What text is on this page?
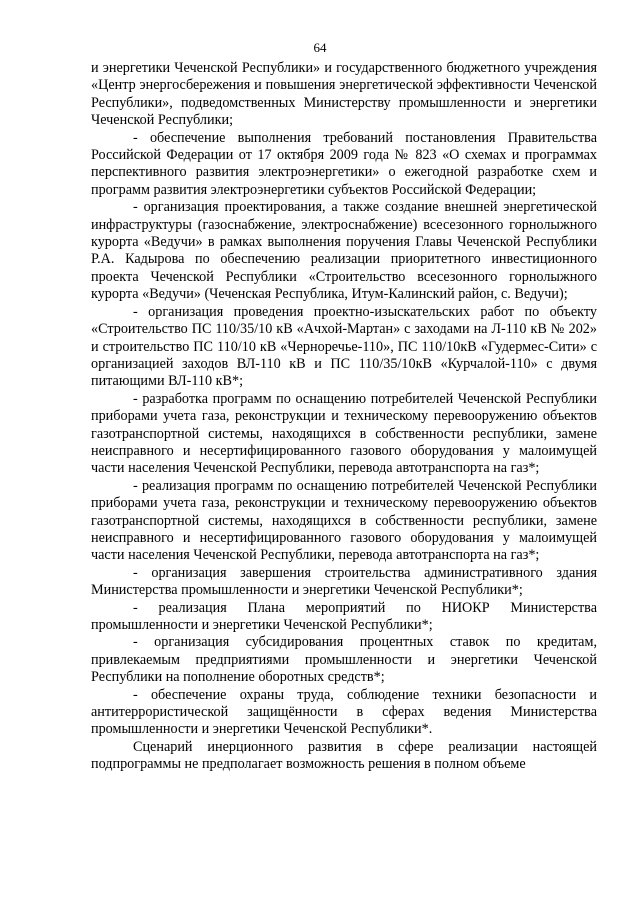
64

и энергетики Чеченской Республики» и государственного бюджетного учреждения «Центр энергосбережения и повышения энергетической эффективности Чеченской Республики», подведомственных Министерству промышленности и энергетики Чеченской Республики;

- обеспечение выполнения требований постановления Правительства Российской Федерации от 17 октября 2009 года № 823 «О схемах и программах перспективного развития электроэнергетики» о ежегодной разработке схем и программ развития электроэнергетики субъектов Российской Федерации;

- организация проектирования, а также создание внешней энергетической инфраструктуры (газоснабжение, электроснабжение) всесезонного горнолыжного курорта «Ведучи» в рамках выполнения поручения Главы Чеченской Республики Р.А. Кадырова по обеспечению реализации приоритетного инвестиционного проекта Чеченской Республики «Строительство всесезонного горнолыжного курорта «Ведучи» (Чеченская Республика, Итум-Калинский район, с. Ведучи);

- организация проведения проектно-изыскательских работ по объекту «Строительство ПС 110/35/10 кВ «Ачхой-Мартан» с заходами на Л-110 кВ № 202» и строительство ПС 110/10 кВ «Черноречье-110», ПС 110/10кВ «Гудермес-Сити» с организацией заходов ВЛ-110 кВ и ПС 110/35/10кВ «Курчалой-110» с двумя питающими ВЛ-110 кВ*;

- разработка программ по оснащению потребителей Чеченской Республики приборами учета газа, реконструкции и техническому перевооружению объектов газотранспортной системы, находящихся в собственности республики, замене неисправного и несертифицированного газового оборудования у малоимущей части населения Чеченской Республики, перевода автотранспорта на газ*;

- реализация программ по оснащению потребителей Чеченской Республики приборами учета газа, реконструкции и техническому перевооружению объектов газотранспортной системы, находящихся в собственности республики, замене неисправного и несертифицированного газового оборудования у малоимущей части населения Чеченской Республики, перевода автотранспорта на газ*;

- организация завершения строительства административного здания Министерства промышленности и энергетики Чеченской Республики*;

- реализация Плана мероприятий по НИОКР Министерства промышленности и энергетики Чеченской Республики*;

- организация субсидирования процентных ставок по кредитам, привлекаемым предприятиями промышленности и энергетики Чеченской Республики на пополнение оборотных средств*;

- обеспечение охраны труда, соблюдение техники безопасности и антитеррористической защищённости в сферах ведения Министерства промышленности и энергетики Чеченской Республики*.

Сценарий инерционного развития в сфере реализации настоящей подпрограммы не предполагает возможность решения в полном объеме
